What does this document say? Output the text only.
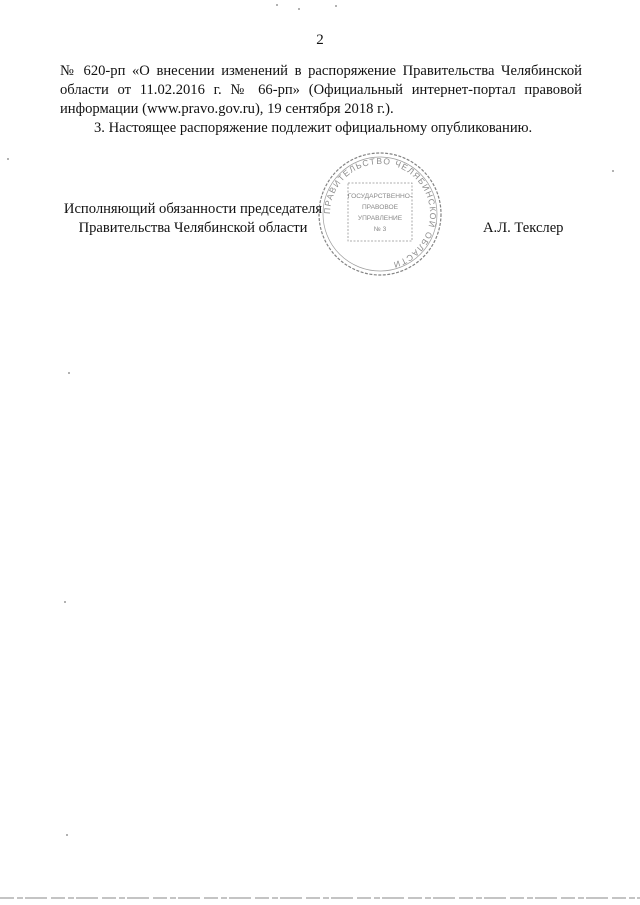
2

№ 620-рп «О внесении изменений в распоряжение Правительства Челябинской области от 11.02.2016 г. № 66-рп» (Официальный интернет-портал правовой информации (www.pravo.gov.ru), 19 сентября 2018 г.).

3. Настоящее распоряжение подлежит официальному опубликованию.

Исполняющий обязанности председателя
Правительства Челябинской области	А.Л. Текслер
ПРАВИТЕЛЬСТВО ЧЕЛЯБИНСКОЙ ОБЛАСТИ
ГОСУДАРСТВЕННО-
ПРАВОВОЕ
УПРАВЛЕНИЕ
№ 3
